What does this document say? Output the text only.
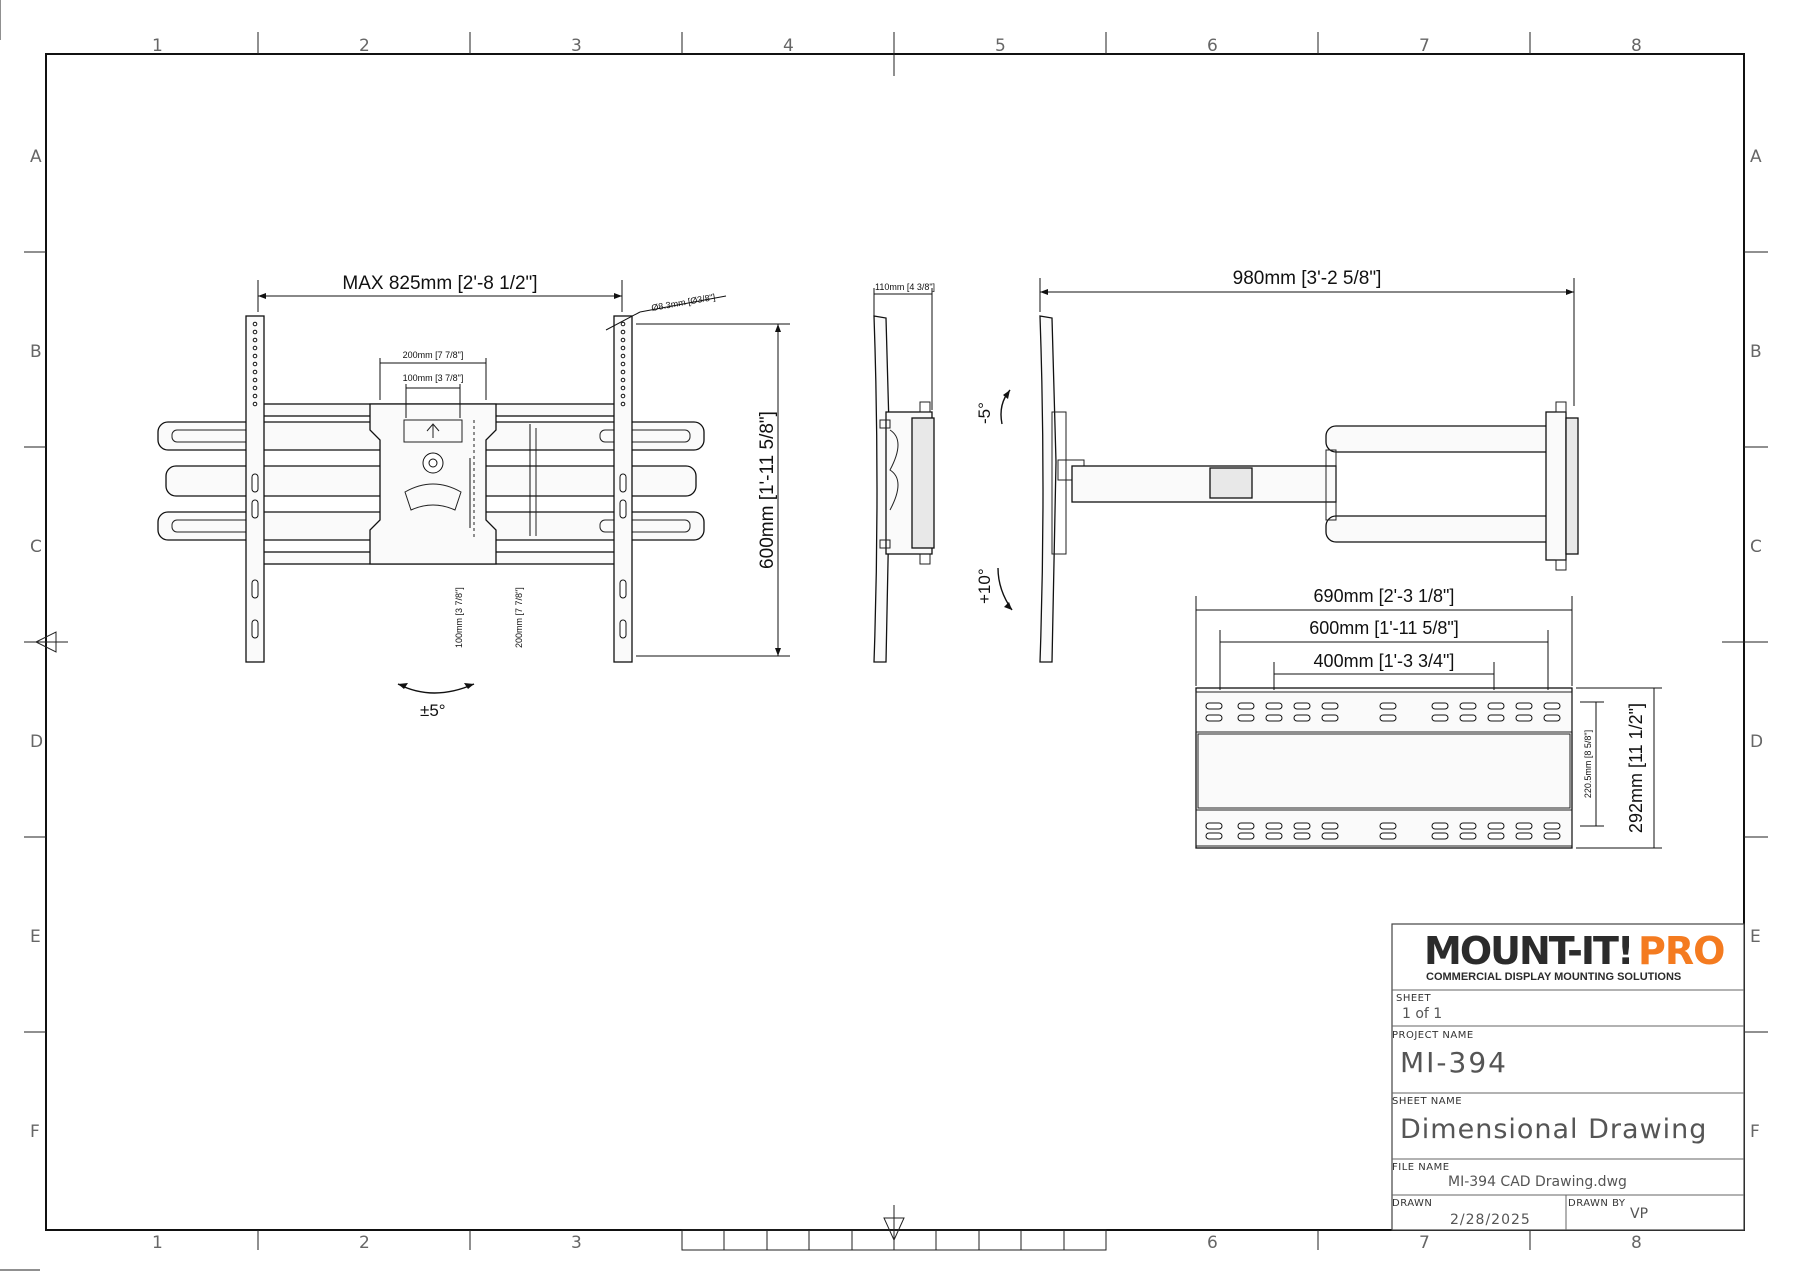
1	2	3	4	5	6	7	8
1	2	3	6	7	8
A
B
C
D
E
F
A
B
C
D
E
F
MAX 825mm [2'-8 1/2"]
Ø8.3mm [Ø3/8"]
200mm [7 7/8"]
100mm [3 7/8"]
100mm [3 7/8"]	200mm [7 7/8"]
600mm [1'-11 5/8"]
±5°
110mm [4 3/8"]	980mm [3'-2 5/8"]
-5°
+10°	690mm [2'-3 1/8"]
600mm [1'-11 5/8"]
400mm [1'-3 3/4"]
292mm [11 1/2"]
220.5mm [8 5/8"]
MOUNT-IT! PRO
COMMERCIAL DISPLAY MOUNTING SOLUTIONS
SHEET
1 of 1
PROJECT NAME
MI-394
SHEET NAME
Dimensional Drawing
FILE NAME
MI-394 CAD Drawing.dwg
DRAWN
2/28/2025
DRAWN BY
VP
